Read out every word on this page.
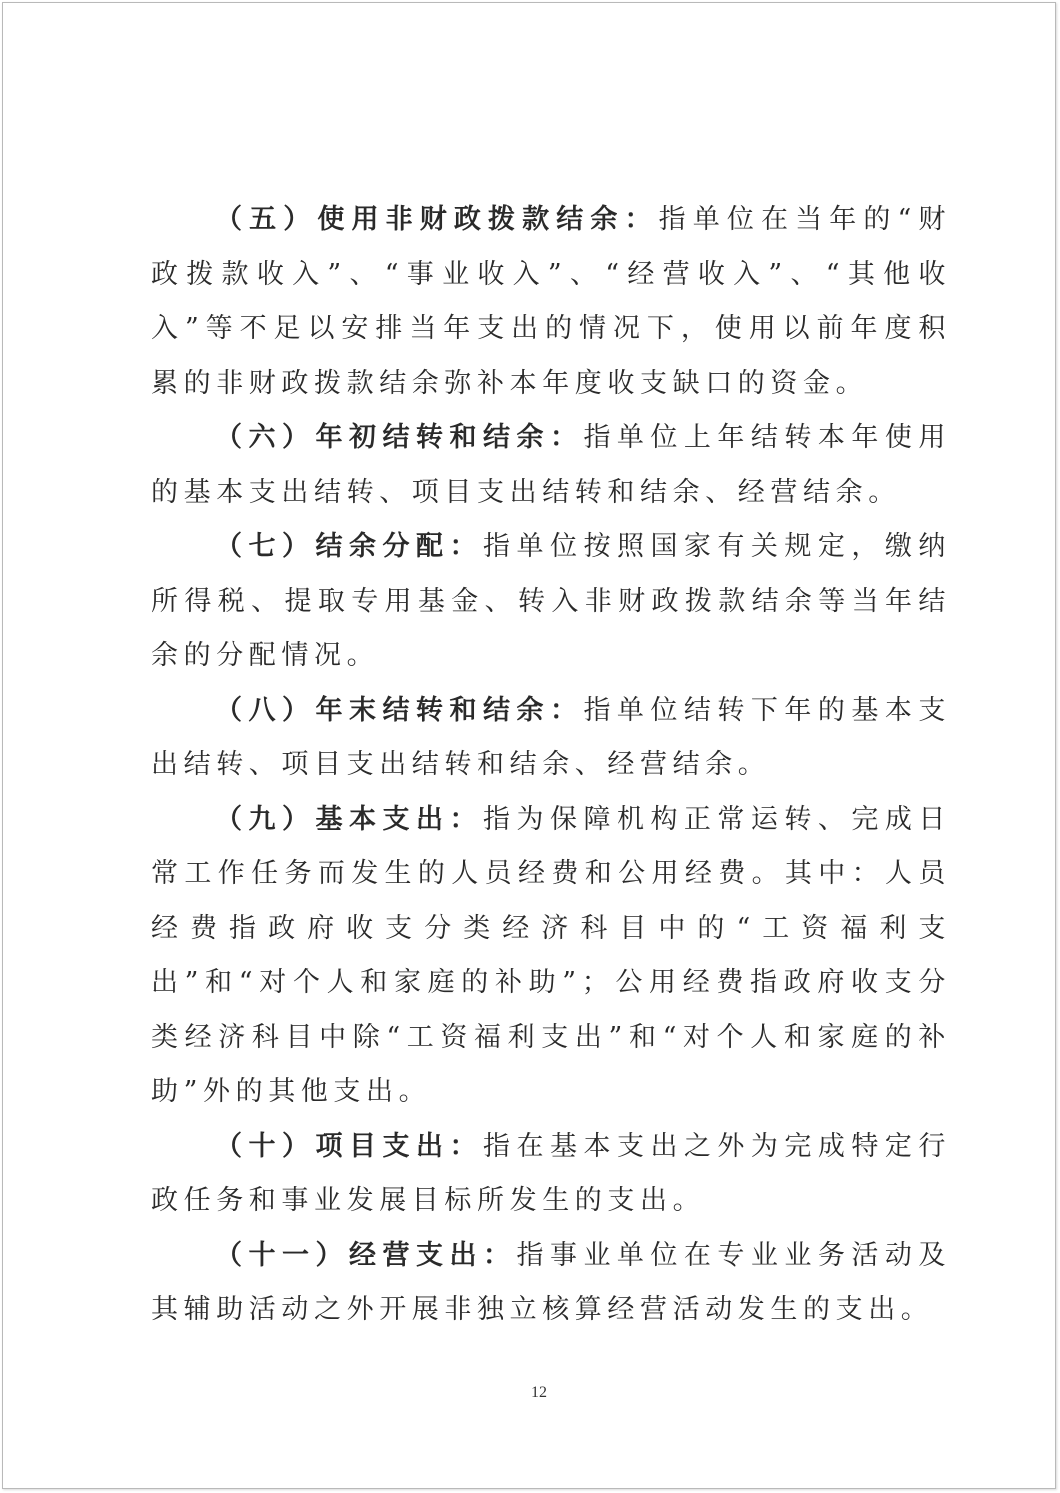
（五）使用非财政拨款结余：指单位在当年的“财政拨款收入”、“事业收入”、“经营收入”、“其他收入”等不足以安排当年支出的情况下，使用以前年度积累的非财政拨款结余弥补本年度收支缺口的资金。

（六）年初结转和结余：指单位上年结转本年使用的基本支出结转、项目支出结转和结余、经营结余。

（七）结余分配：指单位按照国家有关规定，缴纳所得税、提取专用基金、转入非财政拨款结余等当年结余的分配情况。

（八）年末结转和结余：指单位结转下年的基本支出结转、项目支出结转和结余、经营结余。

（九）基本支出：指为保障机构正常运转、完成日常工作任务而发生的人员经费和公用经费。其中：人员经费指政府收支分类经济科目中的“工资福利支出”和“对个人和家庭的补助”；公用经费指政府收支分类经济科目中除“工资福利支出”和“对个人和家庭的补助”外的其他支出。

（十）项目支出：指在基本支出之外为完成特定行政任务和事业发展目标所发生的支出。

（十一）经营支出：指事业单位在专业业务活动及其辅助活动之外开展非独立核算经营活动发生的支出。

12
